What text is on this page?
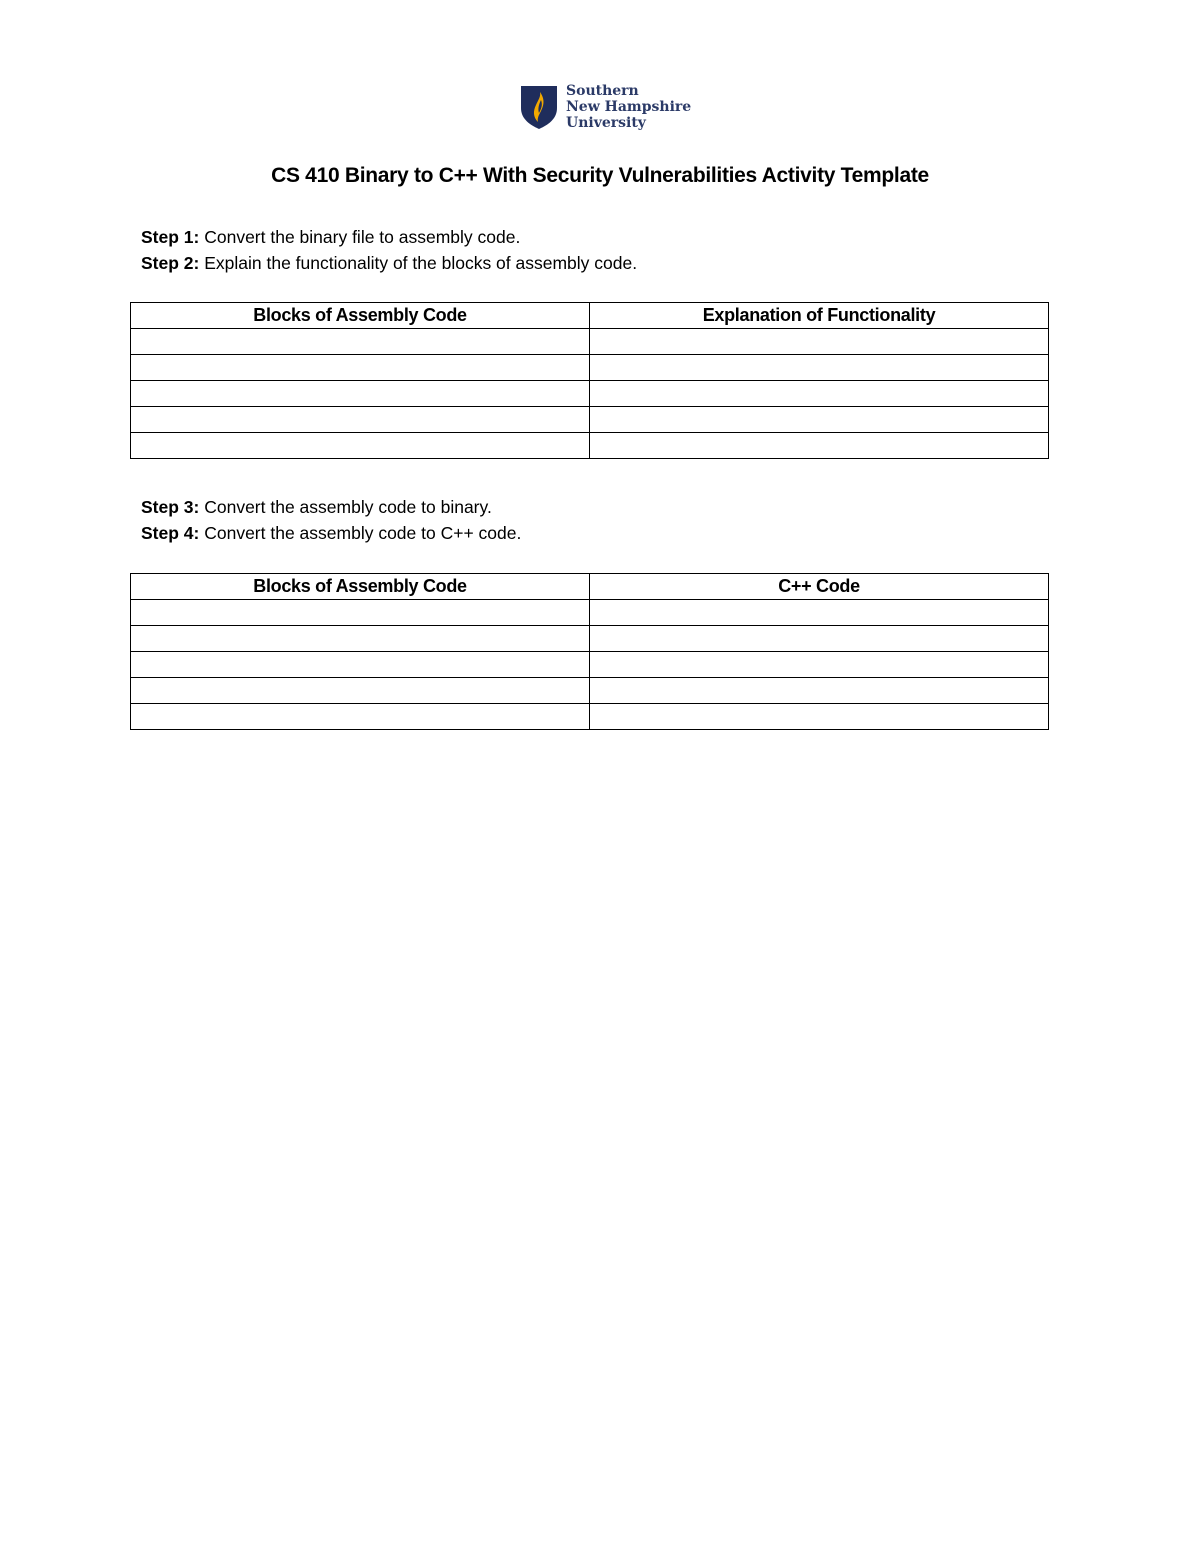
Southern
New Hampshire
University
CS 410 Binary to C++ With Security Vulnerabilities Activity Template
Step 1: Convert the binary file to assembly code.
Step 2: Explain the functionality of the blocks of assembly code.
Blocks of Assembly Code	Explanation of Functionality

Step 3: Convert the assembly code to binary.
Step 4: Convert the assembly code to C++ code.
Blocks of Assembly Code	C++ Code
